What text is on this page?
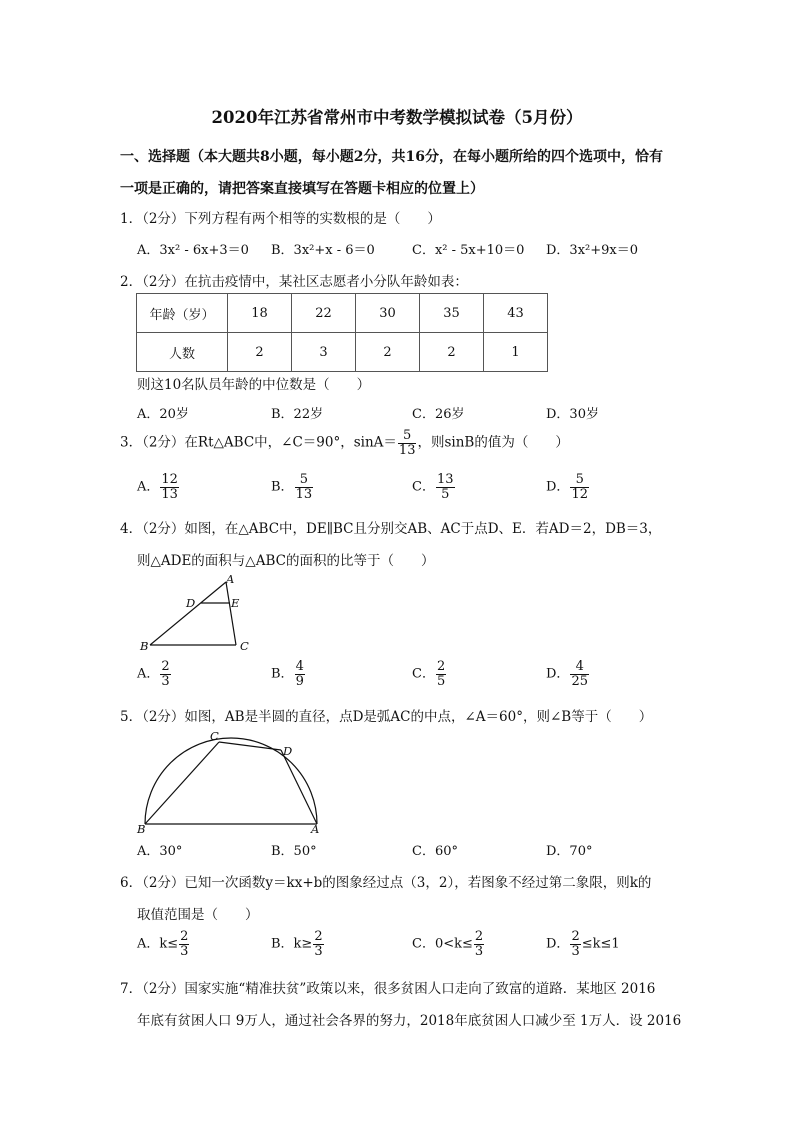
2020年江苏省常州市中考数学模拟试卷（5月份）
一、选择题（本大题共8小题，每小题2分，共16分，在每小题所给的四个选项中，恰有
一项是正确的，请把答案直接填写在答题卡相应的位置上）
1．（2分）下列方程有两个相等的实数根的是（　　）
A．3x² - 6x+3＝0 B．3x²+x - 6＝0	C．x² - 5x+10＝0 D．3x²+9x＝0
2．（2分）在抗击疫情中，某社区志愿者小分队年龄如表：
年龄（岁）	18	22	30	35	43
人数	2	3	2	2	1
则这10名队员年龄的中位数是（　　）
A．20岁	B．22岁	C．26岁	D．30岁
3．（2分）在Rt△ABC中，∠C＝90°，$\sin A= \frac{5}{13}$ ，则sinB的值为（　　）
A． $\frac{12}{13}$	B． $\frac{5}{13}$	C． $\frac{13}{5}$	D． $\frac{5}{12}$
4．（2分）如图，在△ABC中，DE∥BC且分别交AB、AC于点D、E．若AD＝2，DB＝3，
则△ADE的面积与△ABC的面积的比等于（　　）
A
D	E
B	C
A． $\frac{2}{3}$	B． $\frac{4}{9}$	C． $\frac{2}{5}$	D． $\frac{4}{25}$
5．（2分）如图，AB是半圆的直径，点D是弧AC的中点，∠A＝60°，则∠B等于（　　）
C
D
B	A
A．30°	B．50°	C．60°	D．70°
6．（2分）已知一次函数y＝kx+b的图象经过点（3，2），若图象不经过第二象限，则k的
取值范围是（　　）
A．$k\le \frac{2}{3}$	B．$k\ge \frac{2}{3}$	C．$0<k\le \frac{2}{3}$	D． $\frac{2}{3} \le k\le 1$
7．（2分）国家实施“精准扶贫”政策以来，很多贫困人口走向了致富的道路．某地区 2016
年底有贫困人口 9万人，通过社会各界的努力，2018年底贫困人口减少至 1万人．设 2016
